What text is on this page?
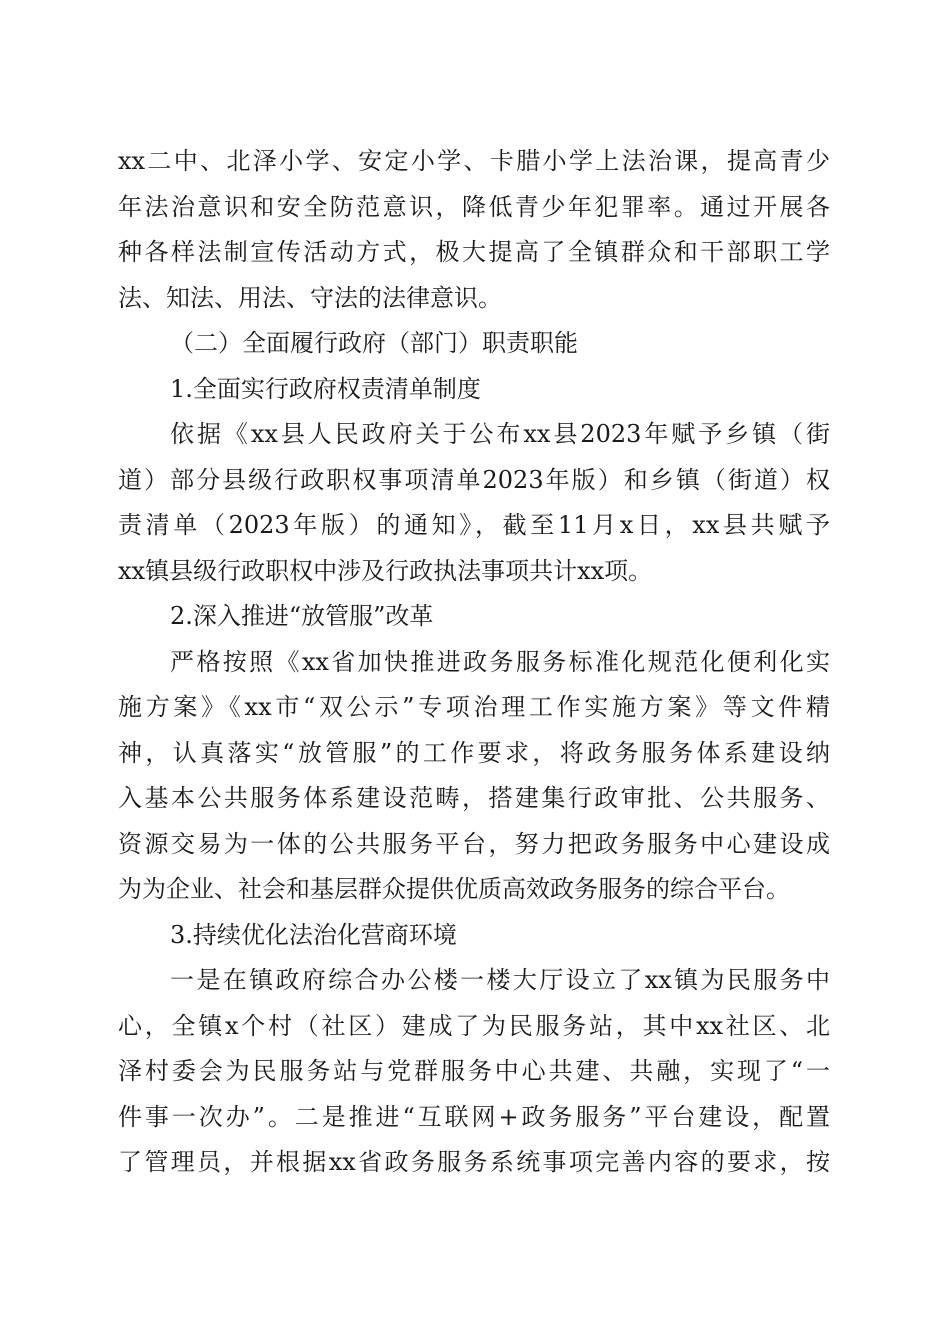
xx二中、北泽小学、安定小学、卡腊小学上法治课，提高青少

年法治意识和安全防范意识，降低青少年犯罪率。通过开展各

种各样法制宣传活动方式，极大提高了全镇群众和干部职工学

法、知法、用法、守法的法律意识。

（二）全面履行政府（部门）职责职能

1.全面实行政府权责清单制度

依据《xx县人民政府关于公布xx县2023年赋予乡镇（街

道）部分县级行政职权事项清单2023年版）和乡镇（街道）权

责清单（2023年版）的通知》，截至11月x日，xx县共赋予

xx镇县级行政职权中涉及行政执法事项共计xx项。

2.深入推进“放管服”改革

严格按照《xx省加快推进政务服务标准化规范化便利化实

施方案》《xx市“双公示”专项治理工作实施方案》等文件精

神，认真落实“放管服”的工作要求，将政务服务体系建设纳

入基本公共服务体系建设范畴，搭建集行政审批、公共服务、

资源交易为一体的公共服务平台，努力把政务服务中心建设成

为为企业、社会和基层群众提供优质高效政务服务的综合平台。

3.持续优化法治化营商环境

一是在镇政府综合办公楼一楼大厅设立了xx镇为民服务中

心，全镇x个村（社区）建成了为民服务站，其中xx社区、北

泽村委会为民服务站与党群服务中心共建、共融，实现了“一

件事一次办”。二是推进“互联网+政务服务”平台建设，配置

了管理员，并根据xx省政务服务系统事项完善内容的要求，按
